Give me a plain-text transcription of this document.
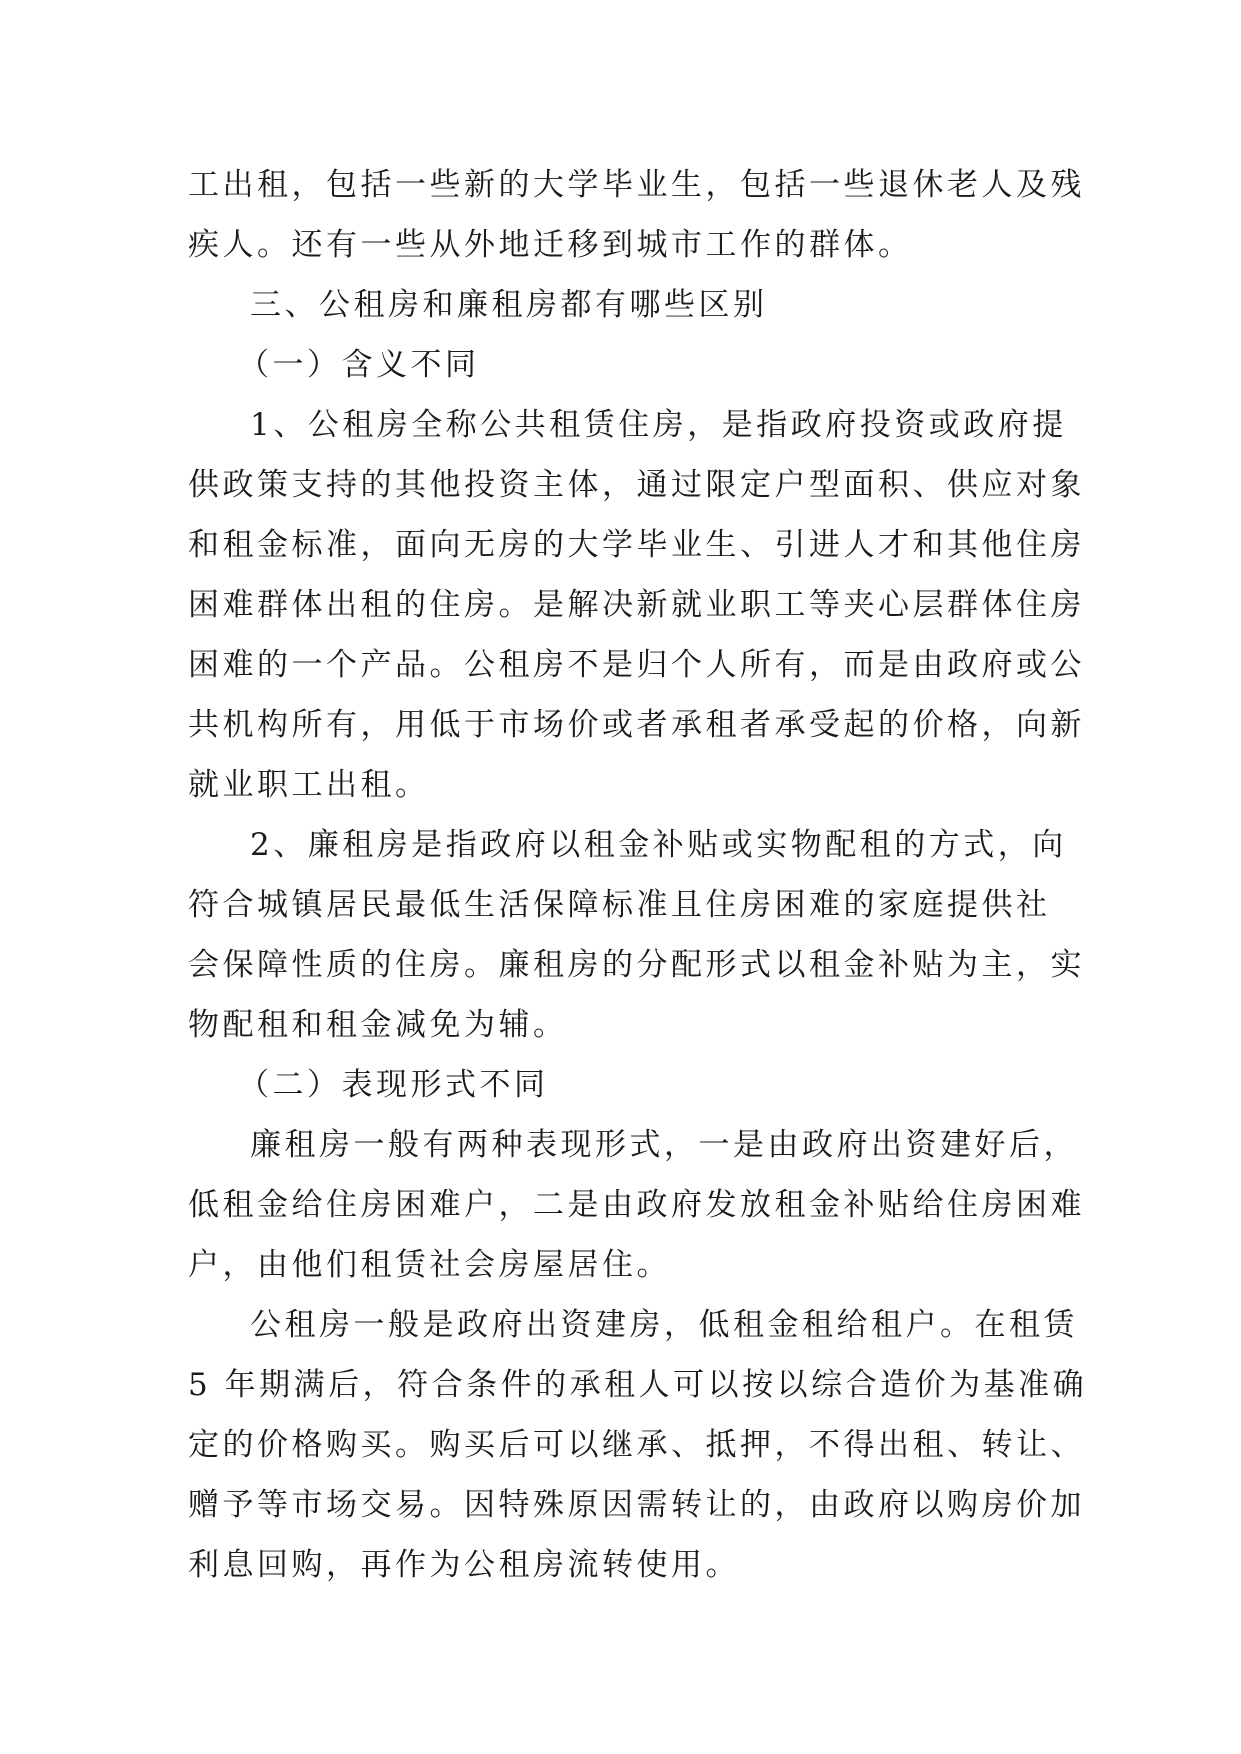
工出租，包括一些新的大学毕业生，包括一些退休老人及残
疾人。还有一些从外地迁移到城市工作的群体。
三、公租房和廉租房都有哪些区别
（一）含义不同
1、公租房全称公共租赁住房，是指政府投资或政府提
供政策支持的其他投资主体，通过限定户型面积、供应对象
和租金标准，面向无房的大学毕业生、引进人才和其他住房
困难群体出租的住房。是解决新就业职工等夹心层群体住房
困难的一个产品。公租房不是归个人所有，而是由政府或公
共机构所有，用低于市场价或者承租者承受起的价格，向新
就业职工出租。
2、廉租房是指政府以租金补贴或实物配租的方式，向
符合城镇居民最低生活保障标准且住房困难的家庭提供社
会保障性质的住房。廉租房的分配形式以租金补贴为主，实
物配租和租金减免为辅。
（二）表现形式不同
廉租房一般有两种表现形式，一是由政府出资建好后，
低租金给住房困难户，二是由政府发放租金补贴给住房困难
户，由他们租赁社会房屋居住。
公租房一般是政府出资建房，低租金租给租户。在租赁
5 年期满后，符合条件的承租人可以按以综合造价为基准确
定的价格购买。购买后可以继承、抵押，不得出租、转让、
赠予等市场交易。因特殊原因需转让的，由政府以购房价加
利息回购，再作为公租房流转使用。
